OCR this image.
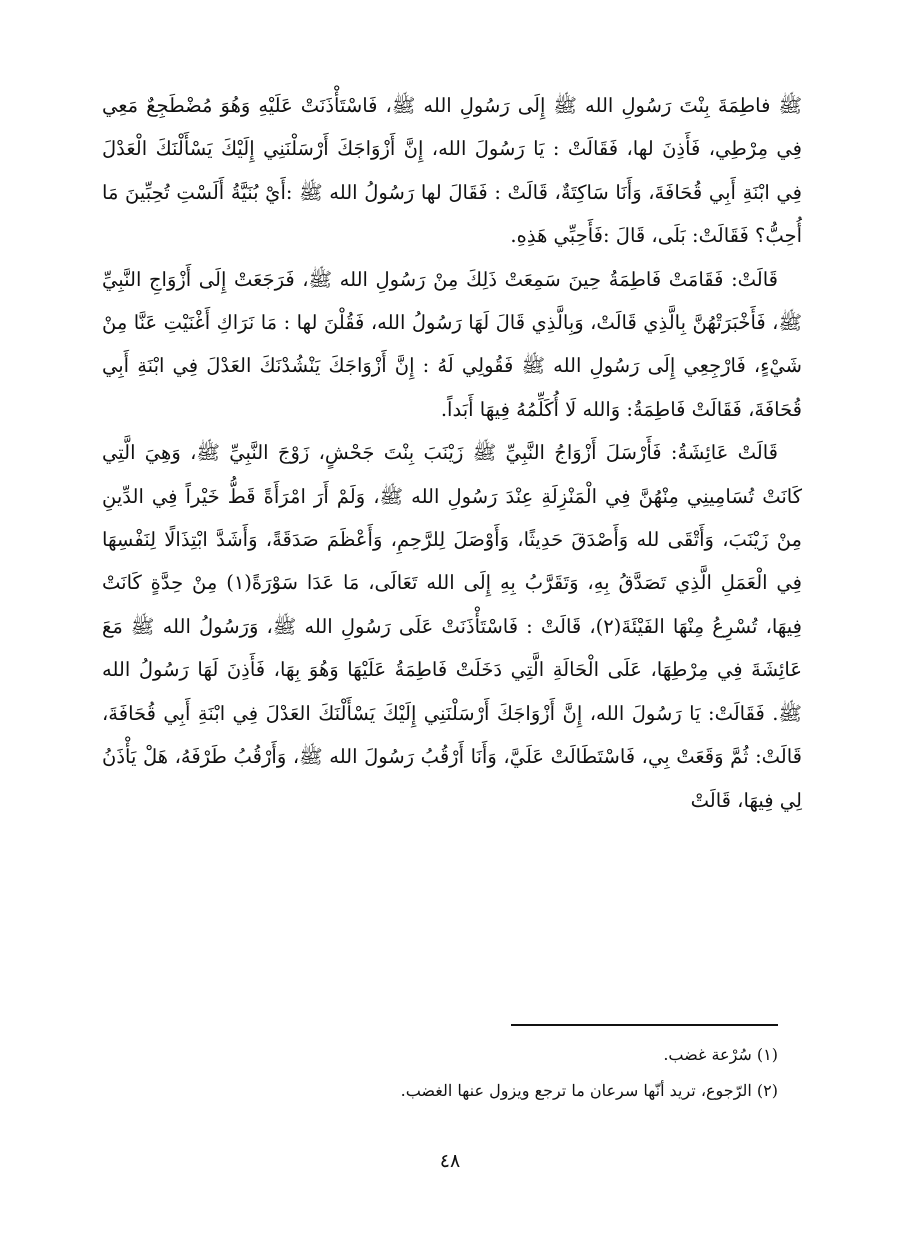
ﷺ فاطِمَةَ بِنْتَ رَسُولِ الله ﷺ إِلَى رَسُولِ الله ﷺ، فَاسْتَأْذَنَتْ عَلَيْهِ وَهُوَ مُضْطَجِعٌ مَعِي فِي مِرْطِي، فَأَذِنَ لها، فَقَالَتْ : يَا رَسُولَ الله، إِنَّ أَزْوَاجَكَ أَرْسَلْنَنِي إِلَيْكَ يَسْأَلْنَكَ الْعَدْلَ فِي ابْنَةِ أَبِي قُحَافَةَ، وَأَنَا سَاكِتَةٌ، قَالَتْ : فَقَالَ لها رَسُولُ الله ﷺ :أَيْ بُنَيَّةُ أَلَسْتِ تُحِبِّينَ مَا أُحِبُّ؟ فَقَالَتْ: بَلَى، قَالَ :فَأَحِبِّي هَذِهِ.

قَالَتْ: فَقَامَتْ فَاطِمَةُ حِينَ سَمِعَتْ ذَلِكَ مِنْ رَسُولِ الله ﷺ، فَرَجَعَتْ إِلَى أَزْوَاجِ النَّبِيِّ ﷺ، فَأَخْبَرَتْهُنَّ بِالَّذِي قَالَتْ، وَبِالَّذِي قَالَ لَهَا رَسُولُ الله، فَقُلْنَ لها : مَا نَرَاكِ أَغْنَيْتِ عَنَّا مِنْ شَيْءٍ، فَارْجِعِي إِلَى رَسُولِ الله ﷺ فَقُولِي لَهُ : إِنَّ أَزْوَاجَكَ يَنْشُدْنَكَ العَدْلَ فِي ابْنَةِ أَبِي قُحَافَةَ، فَقَالَتْ فَاطِمَةُ: وَالله لَا أُكَلِّمُهُ فِيهَا أَبَداً.

قَالَتْ عَائِشَةُ: فَأَرْسَلَ أَزْوَاجُ النَّبِيِّ ﷺ زَيْنَبَ بِنْتَ جَحْشٍ، زَوْجَ النَّبِيِّ ﷺ، وَهِيَ الَّتِي كَانَتْ تُسَامِينِي مِنْهُنَّ فِي الْمَنْزِلَةِ عِنْدَ رَسُولِ الله ﷺ، وَلَمْ أَرَ امْرَأَةً قَطُّ خَيْراً فِي الدِّينِ مِنْ زَيْنَبَ، وَأَتْقَى لله وَأَصْدَقَ حَدِيثًا، وَأَوْصَلَ لِلرَّحِمِ، وَأَعْظَمَ صَدَقَةً، وَأَشَدَّ ابْتِذَالًا لِنَفْسِهَا فِي الْعَمَلِ الَّذِي تَصَدَّقُ بِهِ، وَتَقَرَّبُ بِهِ إِلَى الله تَعَالَى، مَا عَدَا سَوْرَةً(١) مِنْ حِدَّةٍ كَانَتْ فِيهَا، تُسْرِعُ مِنْهَا الفَيْئَةَ(٢)، قَالَتْ : فَاسْتَأْذَنَتْ عَلَى رَسُولِ الله ﷺ، وَرَسُولُ الله ﷺ مَعَ عَائِشَةَ فِي مِرْطِهَا، عَلَى الْحَالَةِ الَّتِي دَخَلَتْ فَاطِمَةُ عَلَيْهَا وَهُوَ بِهَا، فَأَذِنَ لَهَا رَسُولُ الله ﷺ. فَقَالَتْ: يَا رَسُولَ الله، إِنَّ أَزْوَاجَكَ أَرْسَلْنَنِي إِلَيْكَ يَسْأَلْنَكَ العَدْلَ فِي ابْنَةِ أَبِي قُحَافَةَ، قَالَتْ: ثُمَّ وَقَعَتْ بِي، فَاسْتَطَالَتْ عَلَيَّ، وَأَنَا أَرْقُبُ رَسُولَ الله ﷺ، وَأَرْقُبُ طَرْفَهُ، هَلْ يَأْذَنُ لِي فِيهَا، قَالَتْ

(١) سُرْعة غضب.

(٢) الرّجوع، تريد أنّها سرعان ما ترجع ويزول عنها الغضب.

٤٨
